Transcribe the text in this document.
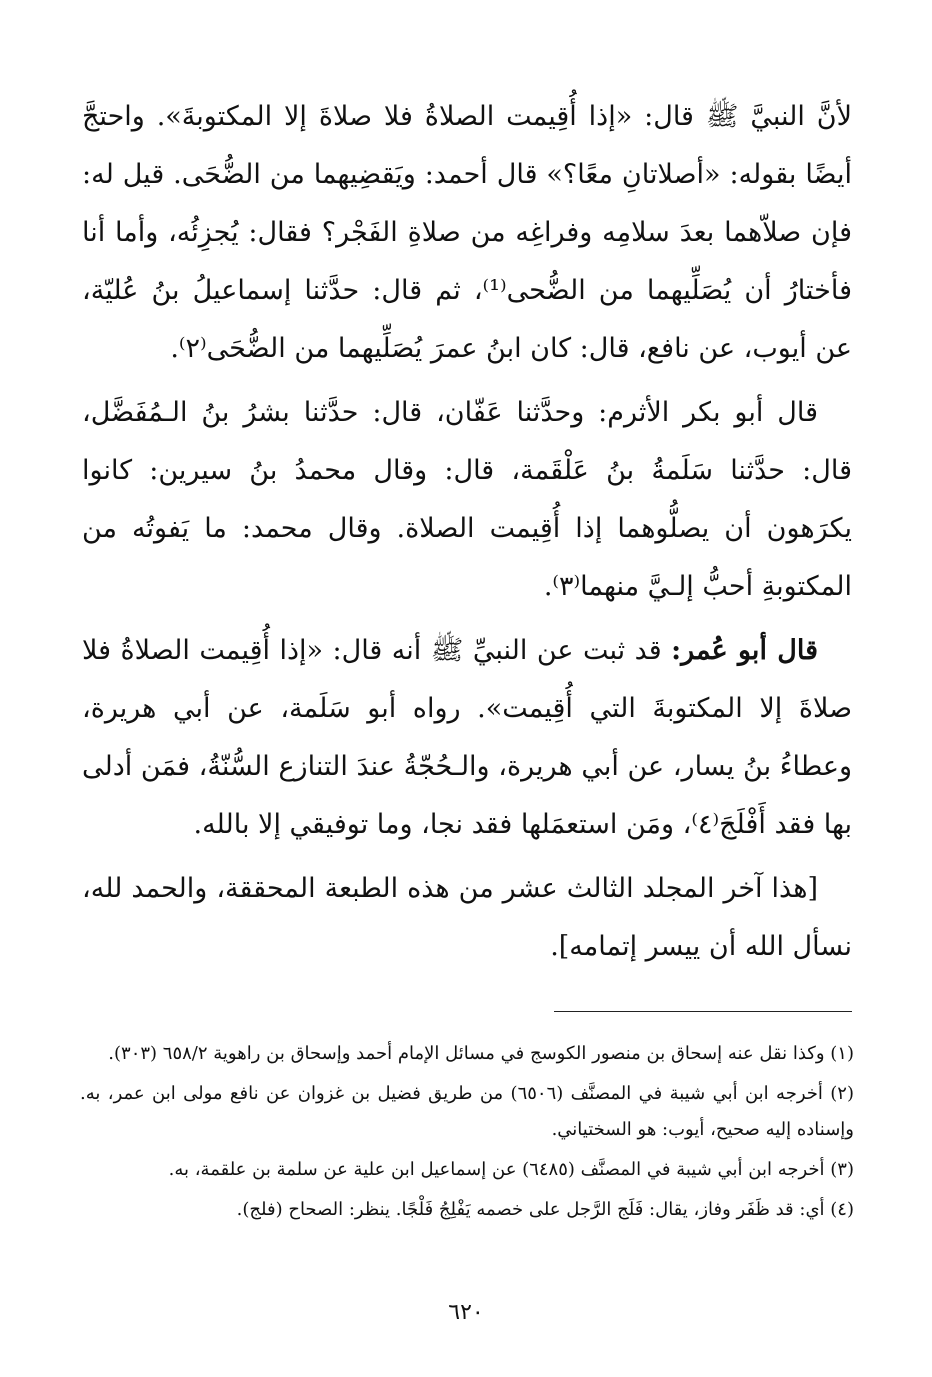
لأنَّ النبيَّ ﷺ قال: «إذا أُقِيمت الصلاةُ فلا صلاةَ إلا المكتوبةَ». واحتجَّ أيضًا بقوله: «أصلاتانِ معًا؟» قال أحمد: ويَقضِيهما من الضُّحَى. قيل له: فإن صلاّهما بعدَ سلامِه وفراغِه من صلاةِ الفَجْر؟ فقال: يُجزِئُه، وأما أنا فأختارُ أن يُصَلِّيهما من الضُّحى⁽¹⁾، ثم قال: حدَّثنا إسماعيلُ بنُ عُليّة، عن أيوب، عن نافع، قال: كان ابنُ عمرَ يُصَلِّيهما من الضُّحَى⁽٢⁾.

قال أبو بكر الأثرم: وحدَّثنا عَفّان، قال: حدَّثنا بشرُ بنُ الـمُفَضَّل، قال: حدَّثنا سَلَمةُ بنُ عَلْقَمة، قال: وقال محمدُ بنُ سيرين: كانوا يكرَهون أن يصلُّوهما إذا أُقِيمت الصلاة. وقال محمد: ما يَفوتُه من المكتوبةِ أحبُّ إلـيَّ منهما⁽٣⁾.

قال أبو عُمر: قد ثبت عن النبيِّ ﷺ أنه قال: «إذا أُقِيمت الصلاةُ فلا صلاةَ إلا المكتوبةَ التي أُقِيمت». رواه أبو سَلَمة، عن أبي هريرة، وعطاءُ بنُ يسار، عن أبي هريرة، والـحُجّةُ عندَ التنازع السُّنّةُ، فمَن أدلى بها فقد أَفْلَجَ⁽٤⁾، ومَن استعمَلها فقد نجا، وما توفيقي إلا بالله.

[هذا آخر المجلد الثالث عشر من هذه الطبعة المحققة، والحمد لله، نسأل الله أن ييسر إتمامه].

(١) وكذا نقل عنه إسحاق بن منصور الكوسج في مسائل الإمام أحمد وإسحاق بن راهوية ٦٥٨/٢ (٣٠٣).

(٢) أخرجه ابن أبي شيبة في المصنَّف (٦٥٠٦) من طريق فضيل بن غزوان عن نافع مولى ابن عمر، به. وإسناده إليه صحيح، أيوب: هو السختياني.

(٣) أخرجه ابن أبي شيبة في المصنَّف (٦٤٨٥) عن إسماعيل ابن علية عن سلمة بن علقمة، به.

(٤) أي: قد ظَفَر وفاز، يقال: فَلَج الرَّجل على خصمه يَفْلِجُ فَلْجًا. ينظر: الصحاح (فلج).

٦٢٠
